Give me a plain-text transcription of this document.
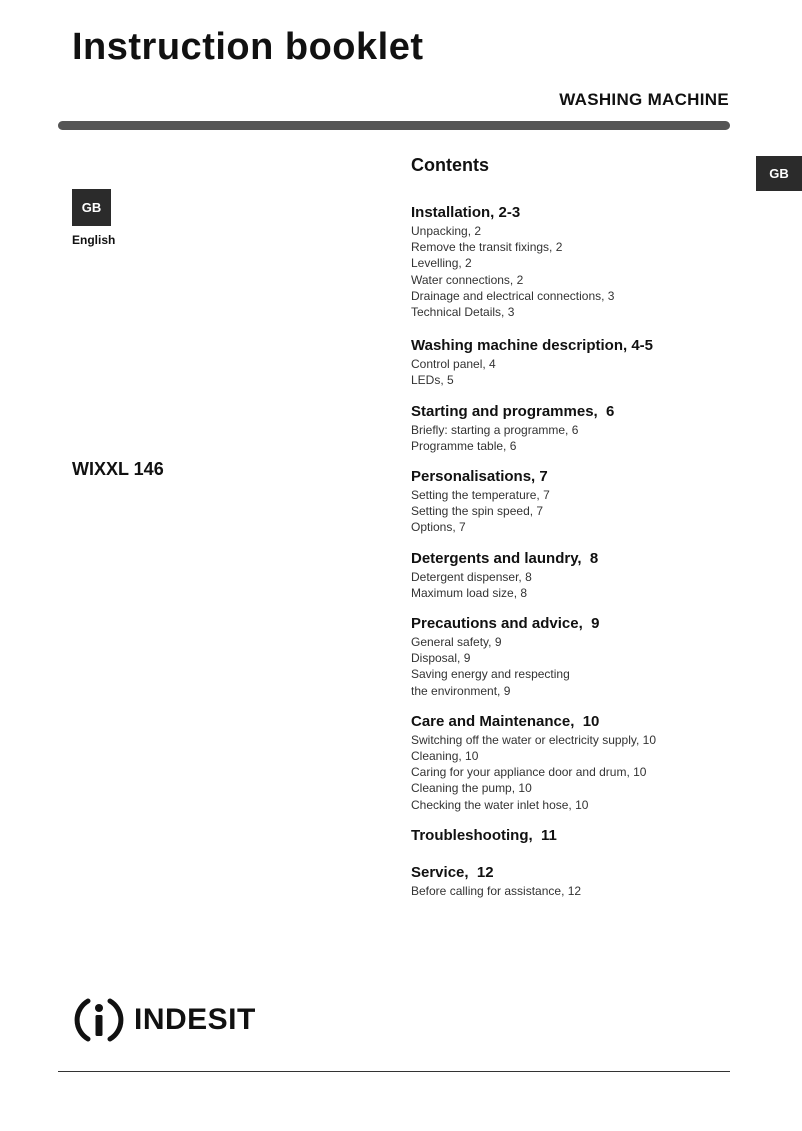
Instruction booklet
WASHING MACHINE
GB
English
WIXXL 146
GB
Contents
Installation, 2-3
Unpacking, 2
Remove the transit fixings, 2
Levelling, 2
Water connections, 2
Drainage and electrical connections, 3
Technical Details, 3
Washing machine description, 4-5
Control panel, 4
LEDs, 5
Starting and programmes,  6
Briefly: starting a programme, 6
Programme table, 6
Personalisations, 7
Setting the temperature, 7
Setting the spin speed, 7
Options, 7
Detergents and laundry,  8
Detergent dispenser, 8
Maximum load size, 8
Precautions and advice,  9
General safety, 9
Disposal, 9
Saving energy and respecting
the environment, 9
Care and Maintenance,  10
Switching off the water or electricity supply, 10
Cleaning, 10
Caring for your appliance door and drum, 10
Cleaning the pump, 10
Checking the water inlet hose, 10
Troubleshooting,  11
Service,  12
Before calling for assistance, 12
INDESIT
